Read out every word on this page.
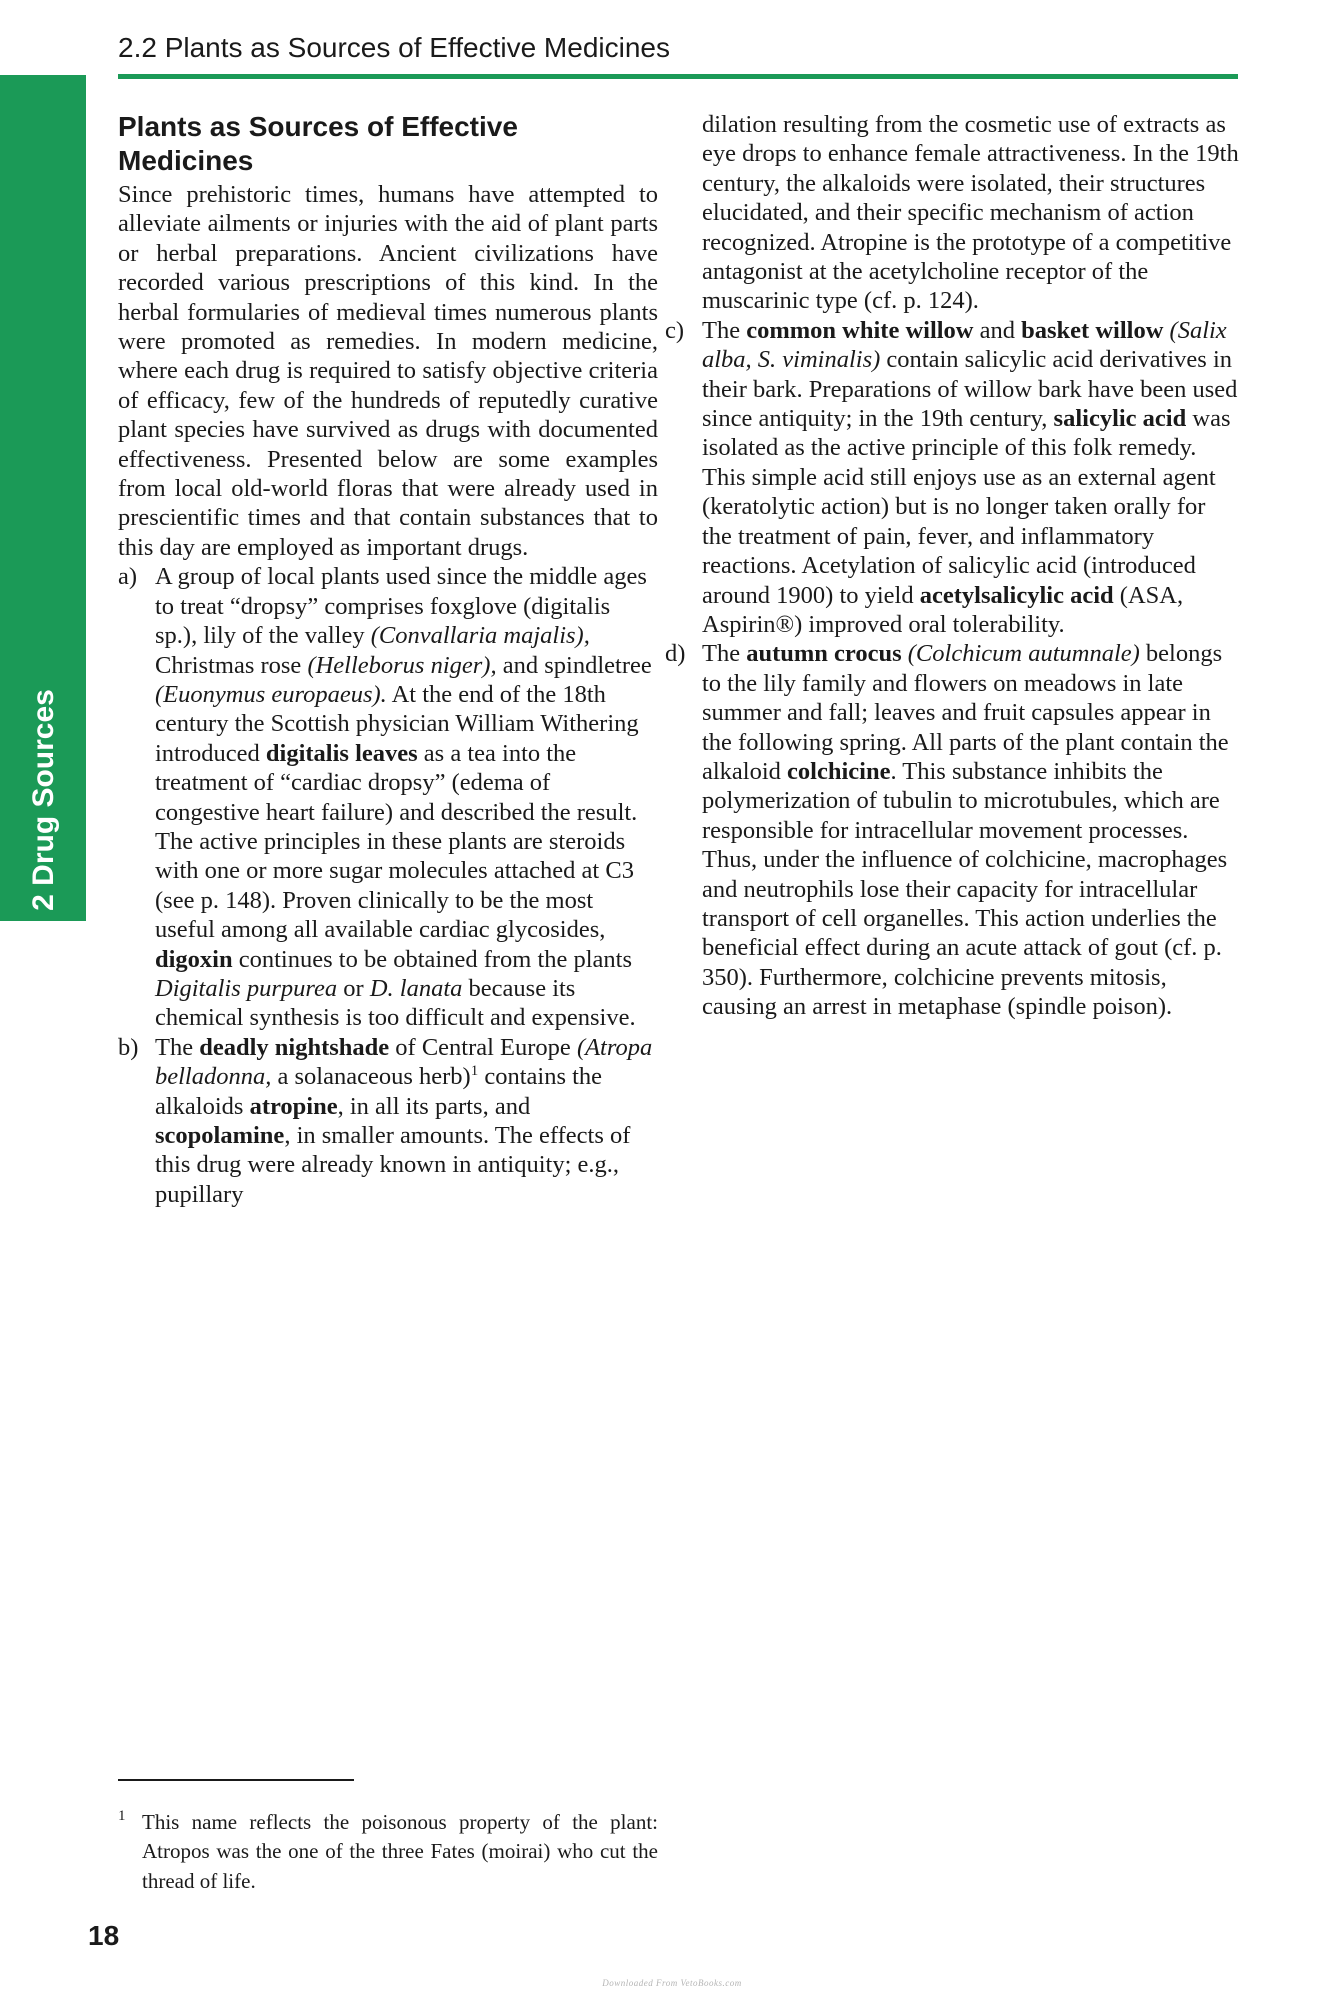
2.2 Plants as Sources of Effective Medicines
2 Drug Sources
Plants as Sources of Effective Medicines

Since prehistoric times, humans have attempted to alleviate ailments or injuries with the aid of plant parts or herbal preparations. Ancient civilizations have recorded various prescriptions of this kind. In the herbal formularies of medieval times numerous plants were promoted as remedies. In modern medicine, where each drug is required to satisfy objective criteria of efficacy, few of the hundreds of reputedly curative plant species have survived as drugs with documented effectiveness. Presented below are some examples from local old-world floras that were already used in prescientific times and that contain substances that to this day are employed as important drugs.

a) A group of local plants used since the middle ages to treat “dropsy” comprises foxglove (digitalis sp.), lily of the valley (Convallaria majalis), Christmas rose (Helleborus niger), and spindletree (Euonymus europaeus). At the end of the 18th century the Scottish physician William Withering introduced digitalis leaves as a tea into the treatment of “cardiac dropsy” (edema of congestive heart failure) and described the result. The active principles in these plants are steroids with one or more sugar molecules attached at C3 (see p. 148). Proven clinically to be the most useful among all available cardiac glycosides, digoxin continues to be obtained from the plants Digitalis purpurea or D. lanata because its chemical synthesis is too difficult and expensive.
b) The deadly nightshade of Central Europe (Atropa belladonna, a solanaceous herb)$^1$ contains the alkaloids atropine, in all its parts, and scopolamine, in smaller amounts. The effects of this drug were already known in antiquity; e.g., pupillary
dilation resulting from the cosmetic use of extracts as eye drops to enhance female attractiveness. In the 19th century, the alkaloids were isolated, their structures elucidated, and their specific mechanism of action recognized. Atropine is the prototype of a competitive antagonist at the acetylcholine receptor of the muscarinic type (cf. p. 124).
c) The common white willow and basket willow (Salix alba, S. viminalis) contain salicylic acid derivatives in their bark. Preparations of willow bark have been used since antiquity; in the 19th century, salicylic acid was isolated as the active principle of this folk remedy. This simple acid still enjoys use as an external agent (keratolytic action) but is no longer taken orally for the treatment of pain, fever, and inflammatory reactions. Acetylation of salicylic acid (introduced around 1900) to yield acetylsalicylic acid (ASA, Aspirin®) improved oral tolerability.
d) The autumn crocus (Colchicum autumnale) belongs to the lily family and flowers on meadows in late summer and fall; leaves and fruit capsules appear in the following spring. All parts of the plant contain the alkaloid colchicine. This substance inhibits the polymerization of tubulin to microtubules, which are responsible for intracellular movement processes. Thus, under the influence of colchicine, macrophages and neutrophils lose their capacity for intracellular transport of cell organelles. This action underlies the beneficial effect during an acute attack of gout (cf. p. 350). Furthermore, colchicine prevents mitosis, causing an arrest in metaphase (spindle poison).
1 This name reflects the poisonous property of the plant: Atropos was the one of the three Fates (moirai) who cut the thread of life.
18
Downloaded From VetoBooks.com
